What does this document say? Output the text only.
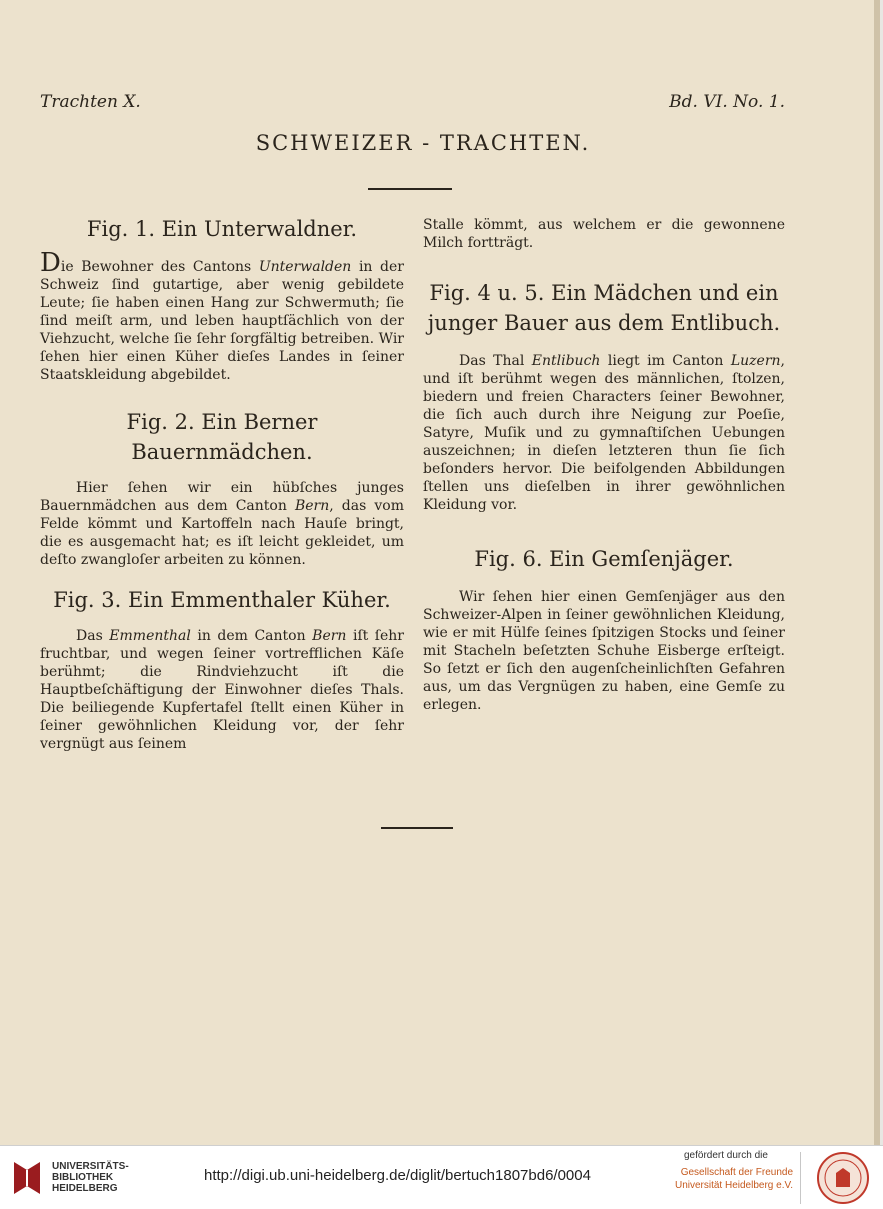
Trachten X.	Bd. VI. No. 1.
SCHWEIZER - TRACHTEN.
Fig. 1. Ein Unterwaldner.

Die Bewohner des Cantons Unterwalden in der Schweiz ſind gutartige, aber wenig gebildete Leute; ſie haben einen Hang zur Schwermuth; ſie ſind meiſt arm, und leben hauptſächlich von der Viehzucht, welche ſie ſehr ſorgfältig betreiben. Wir ſehen hier einen Küher dieſes Landes in ſeiner Staatskleidung abgebildet.

Fig. 2. Ein Berner Bauernmädchen.

Hier ſehen wir ein hübſches junges Bauernmädchen aus dem Canton Bern, das vom Felde kömmt und Kartoffeln nach Hauſe bringt, die es ausgemacht hat; es iſt leicht gekleidet, um deſto zwangloſer arbeiten zu können.

Fig. 3. Ein Emmenthaler Küher.

Das Emmenthal in dem Canton Bern iſt ſehr fruchtbar, und wegen ſeiner vortrefflichen Käſe berühmt; die Rindviehzucht iſt die Hauptbeſchäftigung der Einwohner dieſes Thals. Die beiliegende Kupfertafel ſtellt einen Küher in ſeiner gewöhnlichen Kleidung vor, der ſehr vergnügt aus ſeinem

Stalle kömmt, aus welchem er die gewonnene Milch fortträgt.

Fig. 4 u. 5. Ein Mädchen und ein junger Bauer aus dem Entlibuch.

Das Thal Entlibuch liegt im Canton Luzern, und iſt berühmt wegen des männlichen, ſtolzen, biedern und freien Characters ſeiner Bewohner, die ſich auch durch ihre Neigung zur Poeſie, Satyre, Muſik und zu gymnaſtiſchen Uebungen auszeichnen; in dieſen letzteren thun ſie ſich beſonders hervor. Die beifolgenden Abbildungen ſtellen uns dieſelben in ihrer gewöhnlichen Kleidung vor.

Fig. 6. Ein Gemſenjäger.

Wir ſehen hier einen Gemſenjäger aus den Schweizer-Alpen in ſeiner gewöhnlichen Kleidung, wie er mit Hülfe ſeines ſpitzigen Stocks und ſeiner mit Stacheln beſetzten Schuhe Eisberge erſteigt. So ſetzt er ſich den augenſcheinlichſten Gefahren aus, um das Vergnügen zu haben, eine Gemſe zu erlegen.

UNIVERSITÄTS-
BIBLIOTHEK
HEIDELBERG
http://digi.ub.uni-heidelberg.de/diglit/bertuch1807bd6/0004
gefördert durch die
Gesellschaft der Freunde
Universität Heidelberg e.V.
